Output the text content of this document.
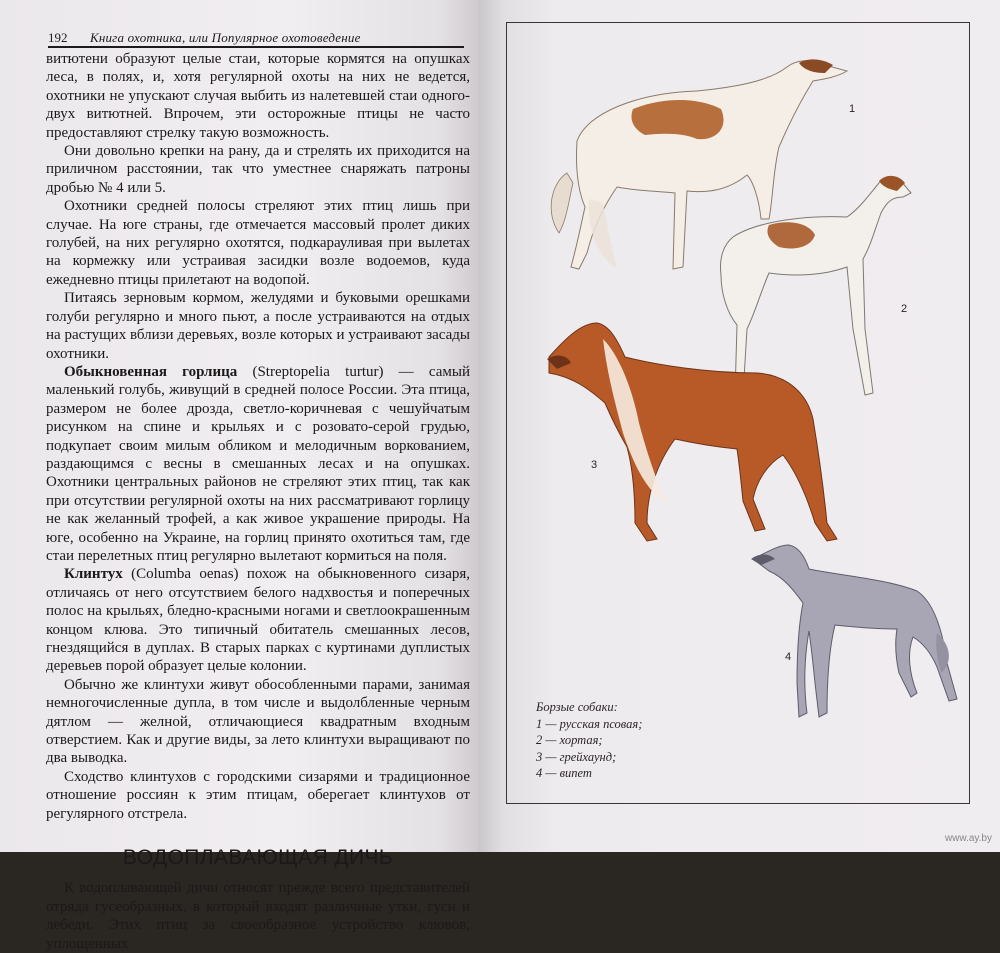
192 Книга охотника, или Популярное охотоведение

витютени образуют целые стаи, которые кормятся на опушках леса, в полях, и, хотя регулярной охоты на них не ведется, охотники не упускают случая выбить из налетевшей стаи одного-двух витютней. Впрочем, эти осторожные птицы не часто предоставляют стрелку такую возможность.

Они довольно крепки на рану, да и стрелять их приходится на приличном расстоянии, так что уместнее снаряжать патроны дробью № 4 или 5.

Охотники средней полосы стреляют этих птиц лишь при случае. На юге страны, где отмечается массовый пролет диких голубей, на них регулярно охотятся, подкарауливая при вылетах на кормежку или устраивая засидки возле водоемов, куда ежедневно птицы прилетают на водопой.

Питаясь зерновым кормом, желудями и буковыми орешками голуби регулярно и много пьют, а после устраиваются на отдых на растущих вблизи деревьях, возле которых и устраивают засады охотники.

Обыкновенная горлица (Streptopelia turtur) — самый маленький голубь, живущий в средней полосе России. Эта птица, размером не более дрозда, светло-коричневая с чешуйчатым рисунком на спине и крыльях и с розовато-серой грудью, подкупает своим милым обликом и мелодичным воркованием, раздающимся с весны в смешанных лесах и на опушках. Охотники центральных районов не стреляют этих птиц, так как при отсутствии регулярной охоты на них рассматривают горлицу не как желанный трофей, а как живое украшение природы. На юге, особенно на Украине, на горлиц принято охотиться там, где стаи перелетных птиц регулярно вылетают кормиться на поля.

Клинтух (Columba oenas) похож на обыкновенного сизаря, отличаясь от него отсутствием белого надхвостья и поперечных полос на крыльях, бледно-красными ногами и светлоокрашенным концом клюва. Это типичный обитатель смешанных лесов, гнездящийся в дуплах. В старых парках с куртинами дуплистых деревьев порой образует целые колонии.

Обычно же клинтухи живут обособленными парами, занимая немногочисленные дупла, в том числе и выдолбленные черным дятлом — желной, отличающиеся квадратным входным отверстием. Как и другие виды, за лето клинтухи выращивают по два выводка.

Сходство клинтухов с городскими сизарями и традиционное отношение россиян к этим птицам, оберегает клинтухов от регулярного отстрела.

ВОДОПЛАВАЮЩАЯ ДИЧЬ

К водоплавающей дичи относят прежде всего представителей отряда гусеобразных, в который входят различные утки, гуси и лебеди. Этих птиц за своеобразное устройство клювов, уплощенных

1
2
3
4
Борзые собаки:
1 — русская псовая;
2 — хортая;
3 — грейхаунд;
4 — випет
www.ay.by
